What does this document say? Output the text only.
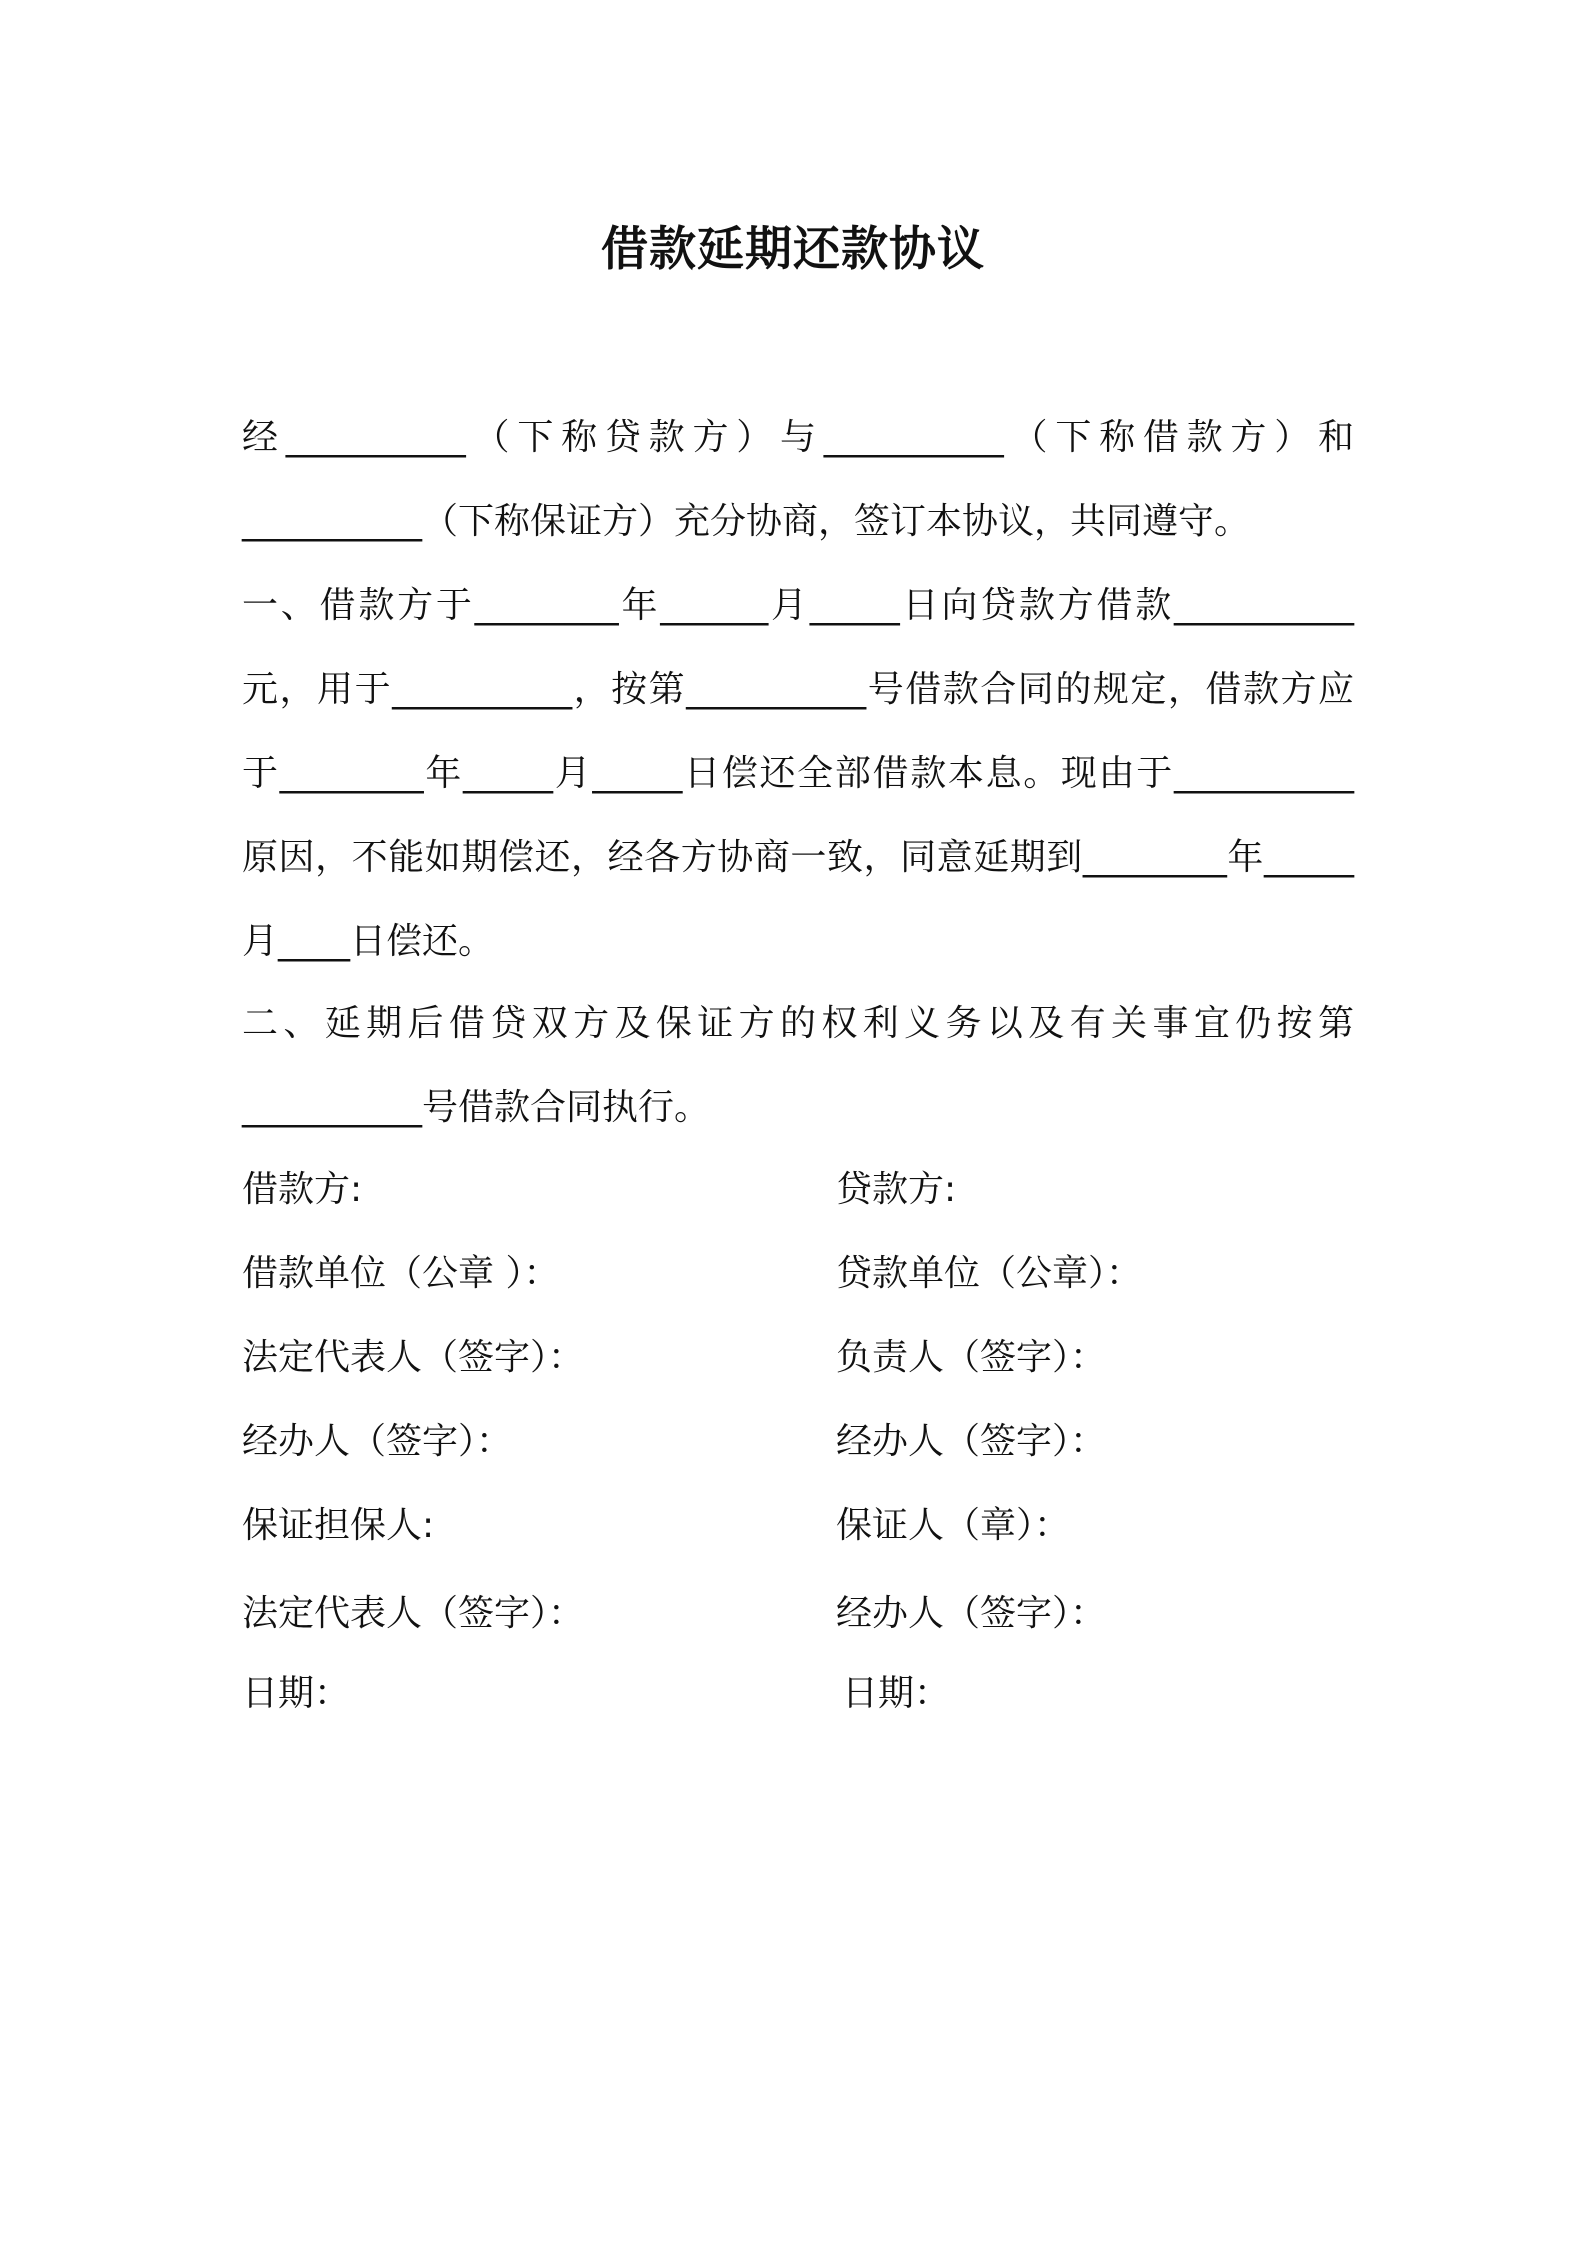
借款延期还款协议
经__________（下称贷款方）与__________（下称借款方）和
__________（下称保证方）充分协商，签订本协议，共同遵守。
一、借款方于________年______月_____日向贷款方借款__________
元，用于__________，按第__________号借款合同的规定，借款方应
于________年_____月_____日偿还全部借款本息。现由于__________
原因，不能如期偿还，经各方协商一致，同意延期到________年_____
月____日偿还。
二、延期后借贷双方及保证方的权利义务以及有关事宜仍按第
__________号借款合同执行。
借款方:
借款单位（公章 ）：
法定代表人（签字）：
经办人（签字）：
保证担保人:
法定代表人（签字）：
日期：
贷款方:
贷款单位（公章）：
负责人（签字）：
经办人（签字）：
保证人（章）：
经办人（签字）：
日期：
